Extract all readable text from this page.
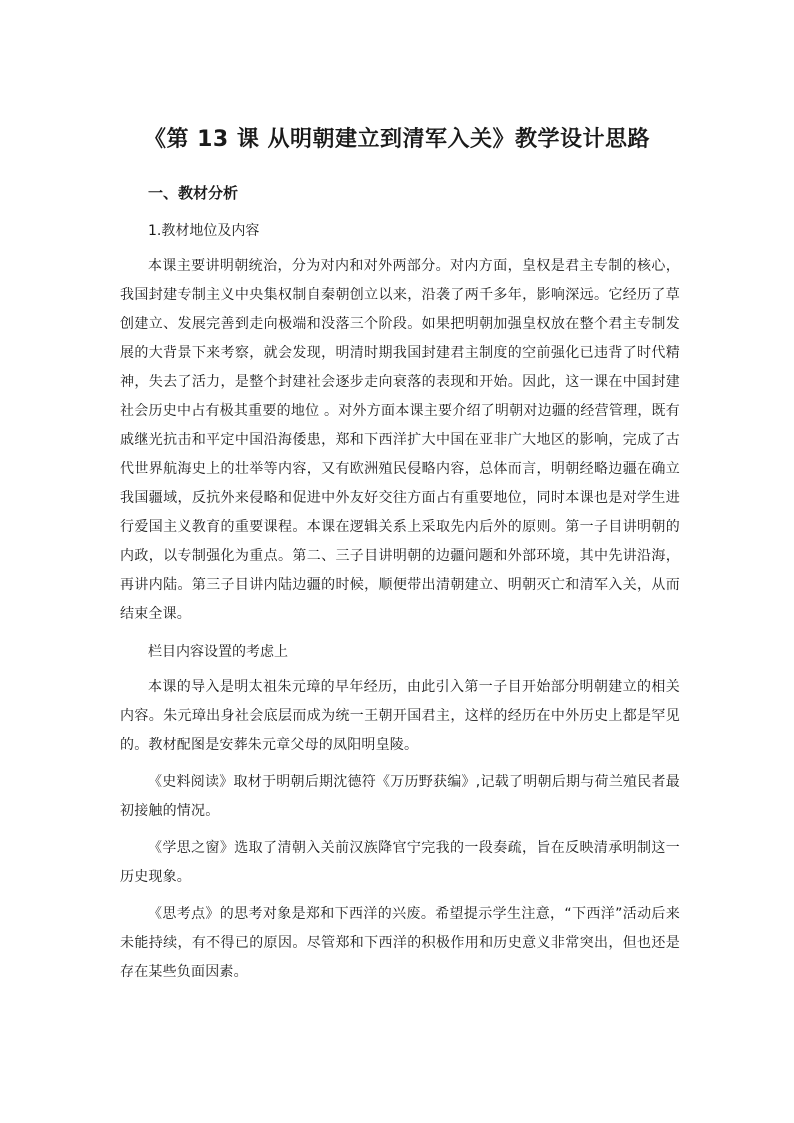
《第 13 课 从明朝建立到清军入关》教学设计思路
一、教材分析
1.教材地位及内容

本课主要讲明朝统治，分为对内和对外两部分。对内方面，皇权是君主专制的核心，我国封建专制主义中央集权制自秦朝创立以来，沿袭了两千多年，影响深远。它经历了草创建立、发展完善到走向极端和没落三个阶段。如果把明朝加强皇权放在整个君主专制发展的大背景下来考察，就会发现，明清时期我国封建君主制度的空前强化已违背了时代精神，失去了活力，是整个封建社会逐步走向衰落的表现和开始。因此，这一课在中国封建社会历史中占有极其重要的地位 。对外方面本课主要介绍了明朝对边疆的经营管理，既有戚继光抗击和平定中国沿海倭患，郑和下西洋扩大中国在亚非广大地区的影响，完成了古代世界航海史上的壮举等内容，又有欧洲殖民侵略内容，总体而言，明朝经略边疆在确立我国疆域，反抗外来侵略和促进中外友好交往方面占有重要地位，同时本课也是对学生进行爱国主义教育的重要课程。本课在逻辑关系上采取先内后外的原则。第一子目讲明朝的内政，以专制强化为重点。第二、三子目讲明朝的边疆问题和外部环境，其中先讲沿海，再讲内陆。第三子目讲内陆边疆的时候，顺便带出清朝建立、明朝灭亡和清军入关，从而结束全课。

栏目内容设置的考虑上

本课的导入是明太祖朱元璋的早年经历，由此引入第一子目开始部分明朝建立的相关内容。朱元璋出身社会底层而成为统一王朝开国君主，这样的经历在中外历史上都是罕见的。教材配图是安葬朱元章父母的凤阳明皇陵。

《史料阅读》取材于明朝后期沈德符《万历野获编》,记载了明朝后期与荷兰殖民者最初接触的情况。

《学思之窗》选取了清朝入关前汉族降官宁完我的一段奏疏，旨在反映清承明制这一历史现象。

《思考点》的思考对象是郑和下西洋的兴废。希望提示学生注意，“下西洋”活动后来未能持续，有不得已的原因。尽管郑和下西洋的积极作用和历史意义非常突出，但也还是存在某些负面因素。
